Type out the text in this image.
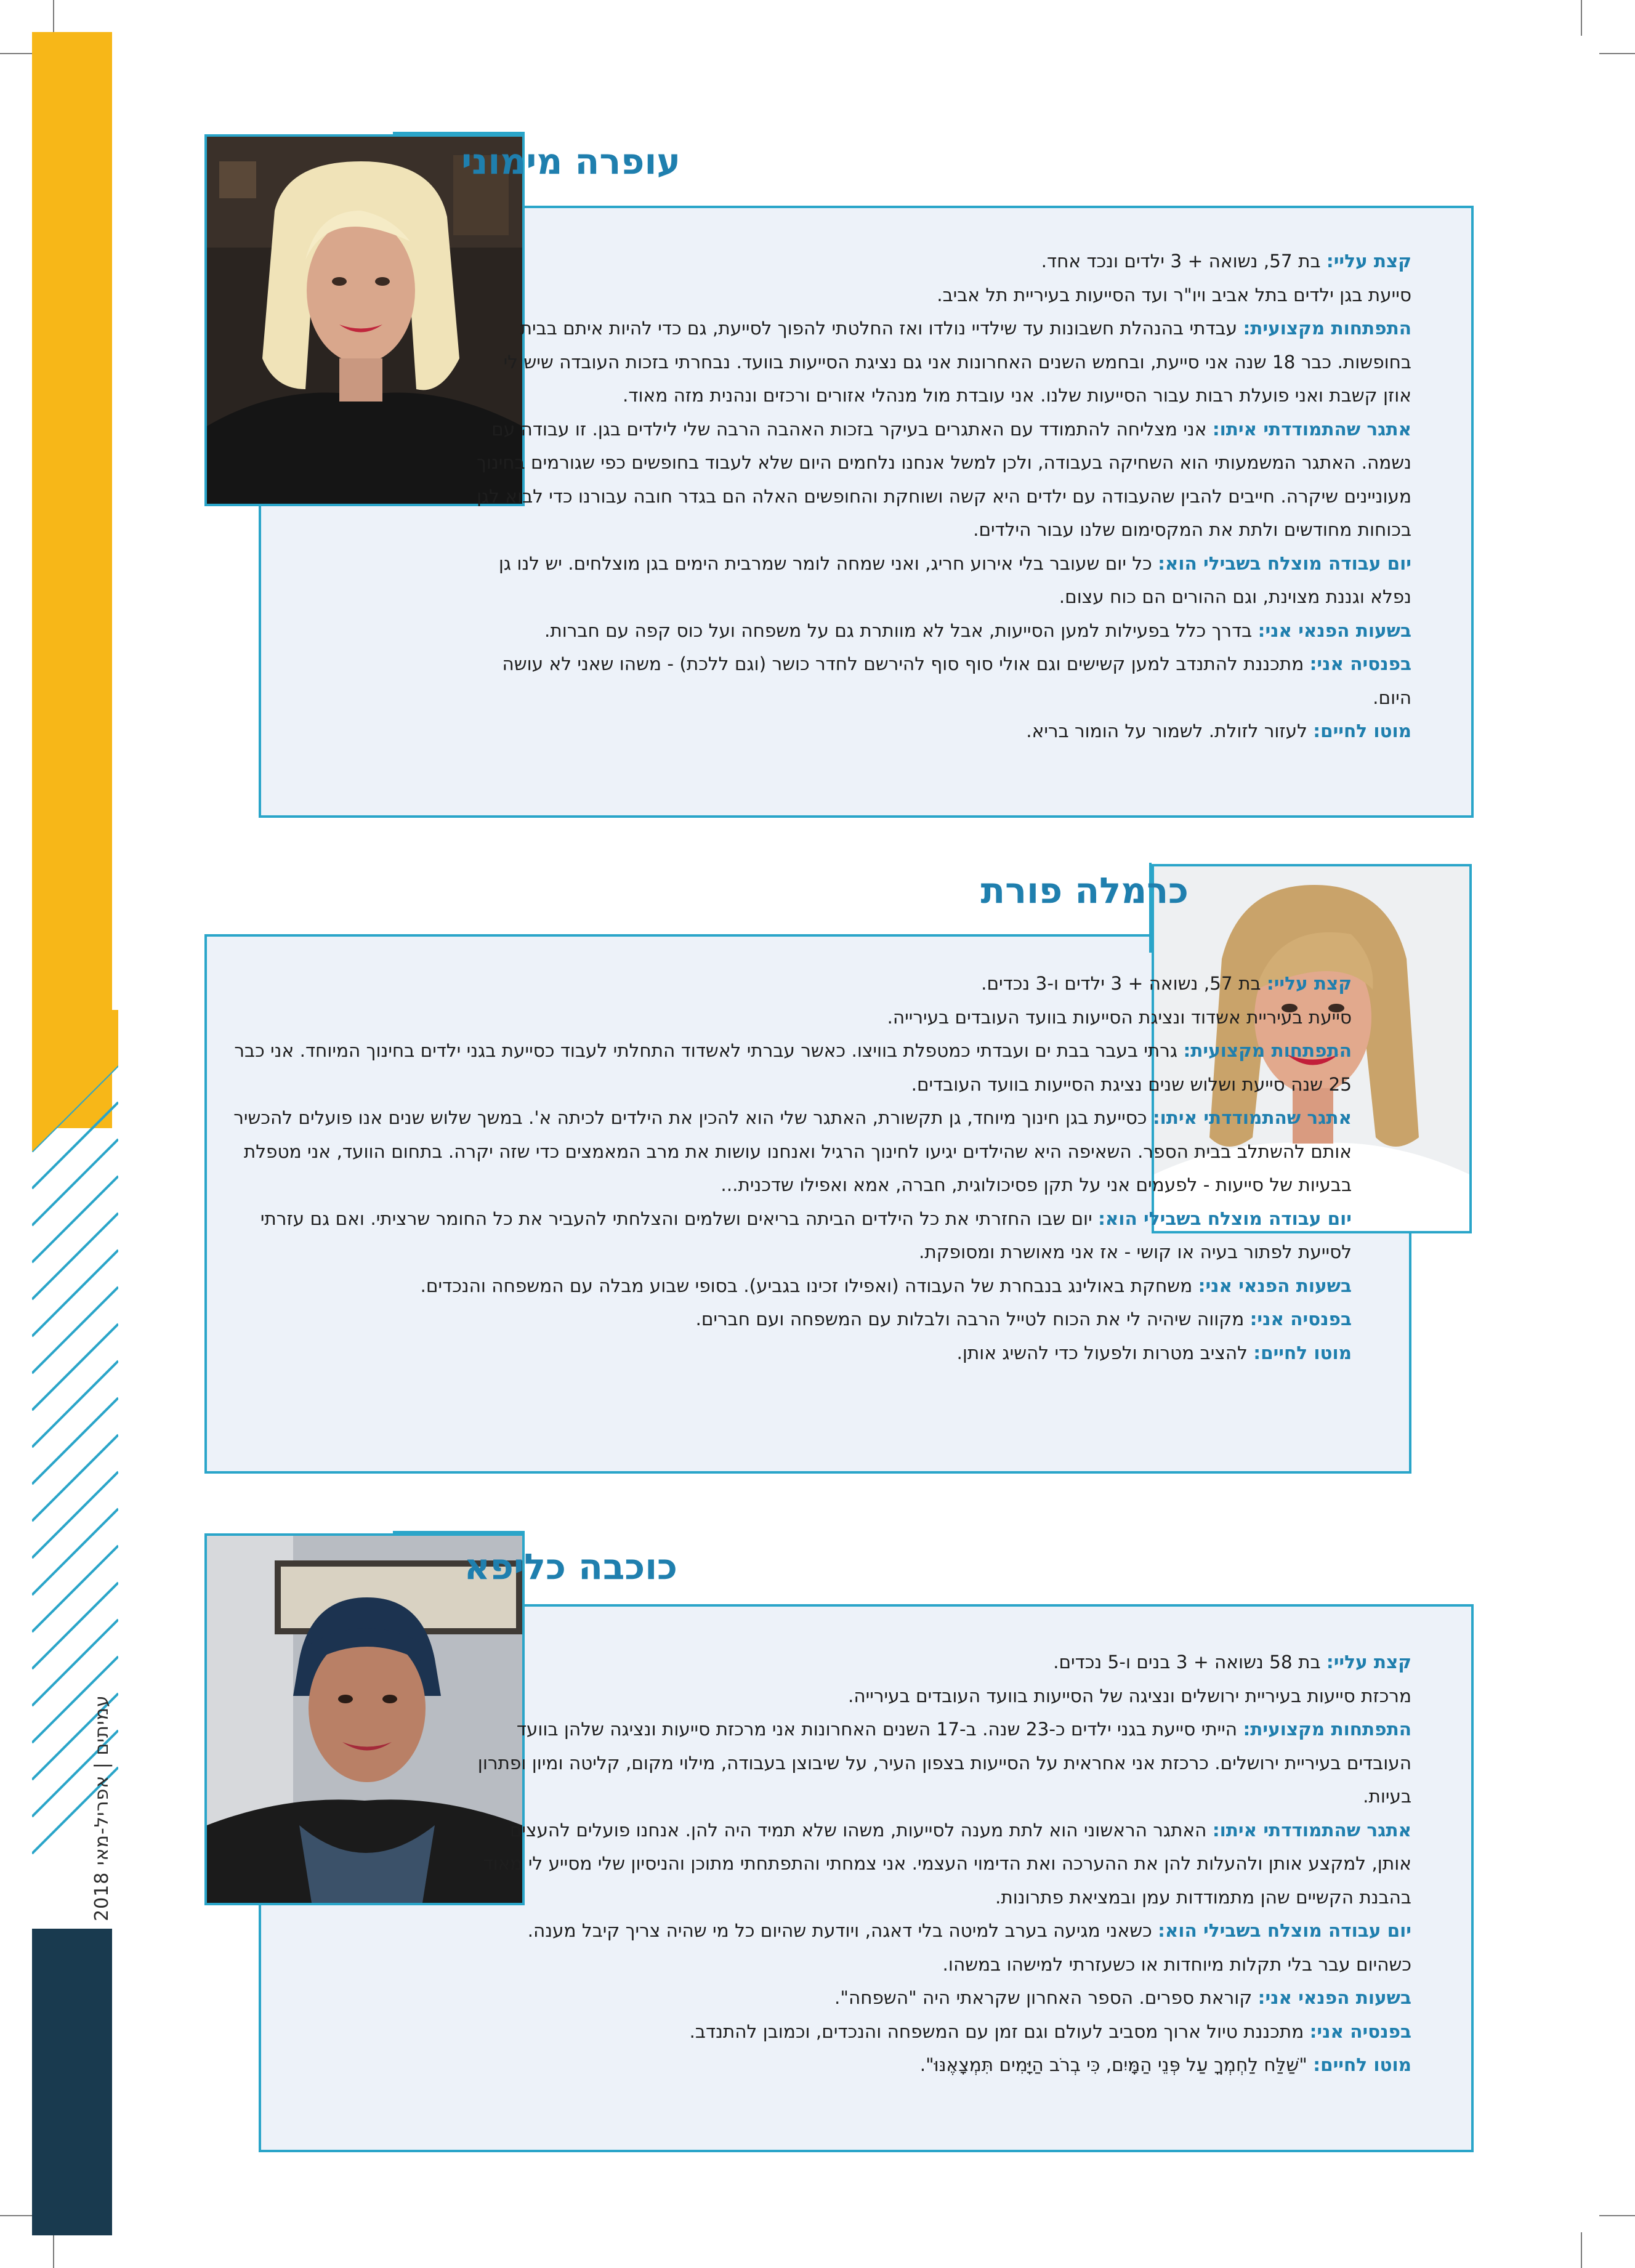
עמיתים | אפריל-מאי 2018
עופרה מימוני

קצת עליי: בת 57, נשואה + 3 ילדים ונכד אחד.

סייעת בגן ילדים בתל אביב ויו"ר ועד הסייעות בעיריית תל אביב.

התפתחות מקצועית: עבדתי בהנהלת חשבונות עד שילדיי נולדו ואז החלטתי להפוך לסייעת, גם כדי להיות איתם בבית בחופשות. כבר 18 שנה אני סייעת, ובחמש השנים האחרונות אני גם נציגת הסייעות בוועד. נבחרתי בזכות העובדה שיש לי אוזן קשבת ואני פועלת רבות עבור הסייעות שלנו. אני עובדת מול מנהלי אזורים ורכזים ונהנית מזה מאוד.

אתגר שהתמודדתי איתו: אני מצליחה להתמודד עם האתגרים בעיקר בזכות האהבה הרבה שלי לילדים בגן. זו עבודה עם נשמה. האתגר המשמעותי הוא השחיקה בעבודה, ולכן למשל אנחנו נלחמים היום שלא לעבוד בחופשים כפי שגורמים בחינוך מעוניינים שיקרה. חייבים להבין שהעבודה עם ילדים היא קשה ושוחקת והחופשים האלה הם בגדר חובה עבורנו כדי לבוא לגן בכוחות מחודשים ולתת את המקסימום שלנו עבור הילדים.

יום עבודה מוצלח בשבילי הוא: כל יום שעובר בלי אירוע חריג, ואני שמחה לומר שמרבית הימים בגן מוצלחים. יש לנו גן נפלא וגננת מצוינת, וגם ההורים הם כוח עצום.

בשעות הפנאי אני: בדרך כלל בפעילות למען הסייעות, אבל לא מוותרת גם על משפחה ועל כוס קפה עם חברות.

בפנסיה אני: מתכננת להתנדב למען קשישים וגם אולי סוף סוף להירשם לחדר כושר (וגם ללכת) - משהו שאני לא עושה היום.

מוטו לחיים: לעזור לזולת. לשמור על הומור בריא.

כרמלה פורת

קצת עליי: בת 57, נשואה + 3 ילדים ו-3 נכדים.

סייעת בעיריית אשדוד ונציגת הסייעות בוועד העובדים בעירייה.

התפתחות מקצועית: גרתי בעבר בבת ים ועבדתי כמטפלת בוויצו. כאשר עברתי לאשדוד התחלתי לעבוד כסייעת בגני ילדים בחינוך המיוחד. אני כבר 25 שנה סייעת ושלוש שנים נציגת הסייעות בוועד העובדים.

אתגר שהתמודדתי איתו: כסייעת בגן חינוך מיוחד, גן תקשורת, האתגר שלי הוא להכין את הילדים לכיתה א'. במשך שלוש שנים אנו פועלים להכשיר אותם להשתלב בבית הספר. השאיפה היא שהילדים יגיעו לחינוך הרגיל ואנחנו עושות את מרב המאמצים כדי שזה יקרה. בתחום הוועד, אני מטפלת בבעיות של סייעות - לפעמים אני על תקן פסיכולוגית, חברה, אמא ואפילו שדכנית...

יום עבודה מוצלח בשבילי הוא: יום שבו החזרתי את כל הילדים הביתה בריאים ושלמים והצלחתי להעביר את כל החומר שרציתי. ואם גם עזרתי לסייעת לפתור בעיה או קושי - אז אני מאושרת ומסופקת.

בשעות הפנאי אני: משחקת באולינג בנבחרת של העבודה (ואפילו זכינו בגביע). בסופי שבוע מבלה עם המשפחה והנכדים.

בפנסיה אני: מקווה שיהיה לי את הכוח לטייל הרבה ולבלות עם המשפחה ועם חברים.

מוטו לחיים: להציב מטרות ולפעול כדי להשיג אותן.

כוכבה כליפא

קצת עליי: בת 58 נשואה + 3 בנים ו-5 נכדים.

מרכזת סייעות בעיריית ירושלים ונציגה של הסייעות בוועד העובדים בעירייה.

התפתחות מקצועית: הייתי סייעת בגני ילדים כ-23 שנה. ב-17 השנים האחרונות אני מרכזת סייעות ונציגה שלהן בוועד העובדים בעיריית ירושלים. כרכזת אני אחראית על הסייעות בצפון העיר, על שיבוצן בעבודה, מילוי מקום, קליטה ומיון ופתרון בעיות.

אתגר שהתמודדתי איתו: האתגר הראשוני הוא לתת מענה לסייעות, משהו שלא תמיד היה להן. אנחנו פועלים להעצים אותן, למקצע אותן ולהעלות להן את ההערכה ואת הדימוי העצמי. אני צמחתי והתפתחתי מתוכן והניסיון שלי מסייע לי מאוד בהבנת הקשיים שהן מתמודדות עמן ובמציאת פתרונות.

יום עבודה מוצלח בשבילי הוא: כשאני מגיעה בערב למיטה בלי דאגה, ויודעת שהיום כל מי שהיה צריך קיבל מענה. כשהיום עבר בלי תקלות מיוחדות או כשעזרתי למישהו במשהו.

בשעות הפנאי אני: קוראת ספרים. הספר האחרון שקראתי היה "השפחה".

בפנסיה אני: מתכננת טיול ארוך מסביב לעולם וגם זמן עם המשפחה והנכדים, וכמובן להתנדב.

מוטו לחיים: "שַׁלַּח לַחְמְךָ עַל פְּנֵי הַמָּיִם, כִּי בְרֹב הַיָּמִים תִּמְצָאֶנּוּ".
